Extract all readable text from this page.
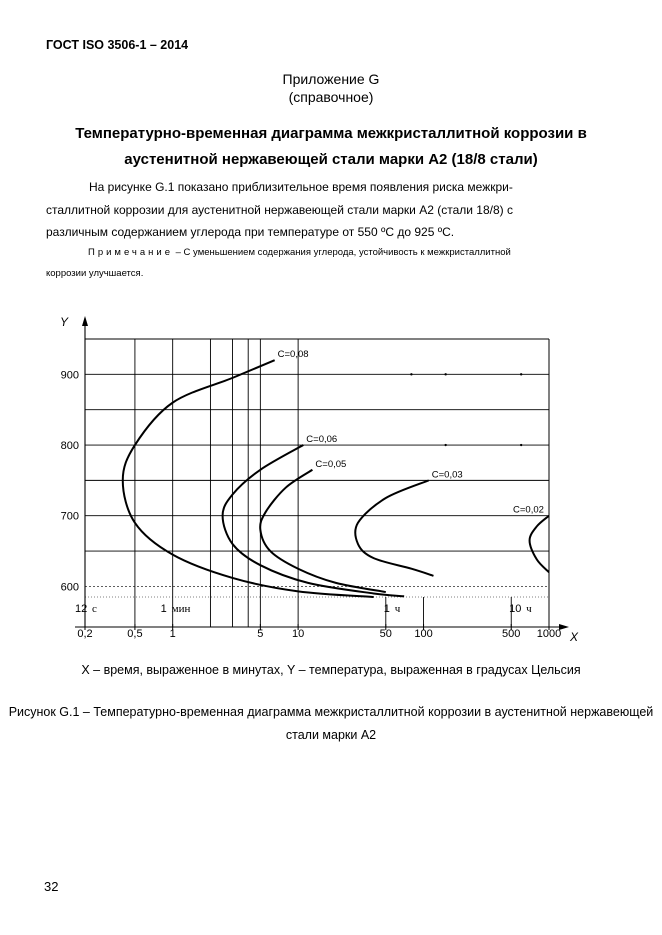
ГОСТ ISO 3506-1 – 2014
Приложение G
(справочное)
Температурно-временная диаграмма межкристаллитной коррозии в
аустенитной нержавеющей стали марки А2 (18/8 стали)
На рисунке G.1 показано приблизительное время появления риска межкри-
сталлитной коррозии для аустенитной нержавеющей стали марки А2 (стали 18/8) с
различным содержанием углерода при температуре от 550 ºС до 925 ºС.
Примечание – С уменьшением содержания углерода, устойчивость к межкристаллитной
коррозии улучшается.
Y
X
600
700
800
900
0,2	0,5 1	5	10	50 100	500 1000
12 с	1 мин	1 ч	10 ч
C=0,08
C=0,06
C=0,05
C=0,03
C=0,02
X – время, выраженное в минутах, Y – температура, выраженная в градусах Цельсия
Рисунок G.1 – Температурно-временная диаграмма межкристаллитной коррозии в аустенитной нержавеющей стали марки А2
32
